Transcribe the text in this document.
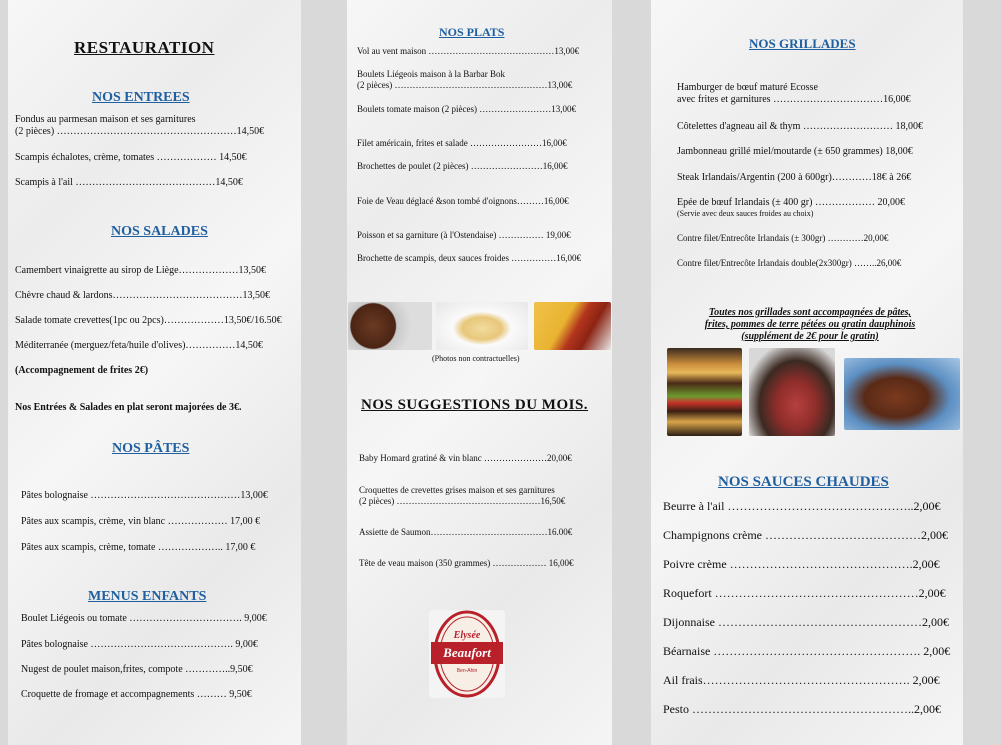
RESTAURATION
NOS ENTREES
Fondus au parmesan maison et ses garnitures
(2 pièces) ………………………………………………14,50€
Scampis échalotes, crème, tomates ……………… 14,50€
Scampis à l'ail ……………………………………14,50€
NOS SALADES
Camembert vinaigrette au sirop de Liège………………13,50€
Chèvre chaud & lardons…………………………………13,50€
Salade tomate crevettes(1pc ou 2pcs)………………13,50€/16.50€
Méditerranée (merguez/feta/huile d'olives)……………14,50€
(Accompagnement de frites 2€)
Nos Entrées & Salades en plat seront majorées de 3€.
NOS PÂTES
Pâtes bolognaise ………………………………………13,00€
Pâtes aux scampis, crème, vin blanc ……………… 17,00 €
Pâtes aux scampis, crème, tomate ……………….. 17,00 €
MENUS ENFANTS
Boulet Liégeois ou tomate ……………………………. 9,00€
Pâtes bolognaise ……………………………………. 9,00€
Nugest de poulet maison,frites, compote …………..9,50€
Croquette de fromage et accompagnements ……… 9,50€
NOS PLATS
Vol au vent maison ……………………………………13,00€
Boulets Liégeois maison à la Barbar Bok
(2 pièces) ……………………………………………13,00€
Boulets tomate maison (2 pièces) ……………………13,00€
Filet américain, frites et salade ……………………16,00€
Brochettes de poulet (2 pièces) ……………………16,00€
Foie de Veau déglacé &son tombé d'oignons………16,00€
Poisson et sa garniture (à l'Ostendaise) …………… 19,00€
Brochette de scampis, deux sauces froides ……………16,00€
(Photos non contractuelles)
NOS SUGGESTIONS DU MOIS.
Baby Homard gratiné & vin blanc …………………20,00€
Croquettes de crevettes grises maison et ses garnitures
(2 pièces) …………………………………………16,50€
Assiette de Saumon…………………………………16.00€
Tête de veau maison (350 grammes) ……………… 16,00€
Elysée
Beaufort
Ben-Ahin
NOS GRILLADES
Hamburger de bœuf maturé Ecosse
avec frites et garnitures ……………………………16,00€
Côtelettes d'agneau ail & thym ……………………… 18,00€
Jambonneau grillé miel/moutarde (± 650 grammes) 18,00€
Steak Irlandais/Argentin (200 à 600gr)…………18€ à 26€
Epée de bœuf Irlandais (± 400 gr) ……………… 20,00€
(Servie avec deux sauces froides au choix)
Contre filet/Entrecôte Irlandais (± 300gr) …………20,00€
Contre filet/Entrecôte Irlandais double(2x300gr) ……..26,00€
Toutes nos grillades sont accompagnées de pâtes,
frites, pommes de terre pétées ou gratin dauphinois
(supplément de 2€ pour le gratin)
NOS SAUCES CHAUDES
Beurre à l'ail ………………………………………..2,00€
Champignons crème …………………………………2,00€
Poivre crème ……………………………………….2,00€
Roquefort ……………………………………………2,00€
Dijonnaise ……………………………………………2,00€
Béarnaise ……………………………………………. 2,00€
Ail frais……………………………………………. 2,00€
Pesto ………………………………………………..2,00€
